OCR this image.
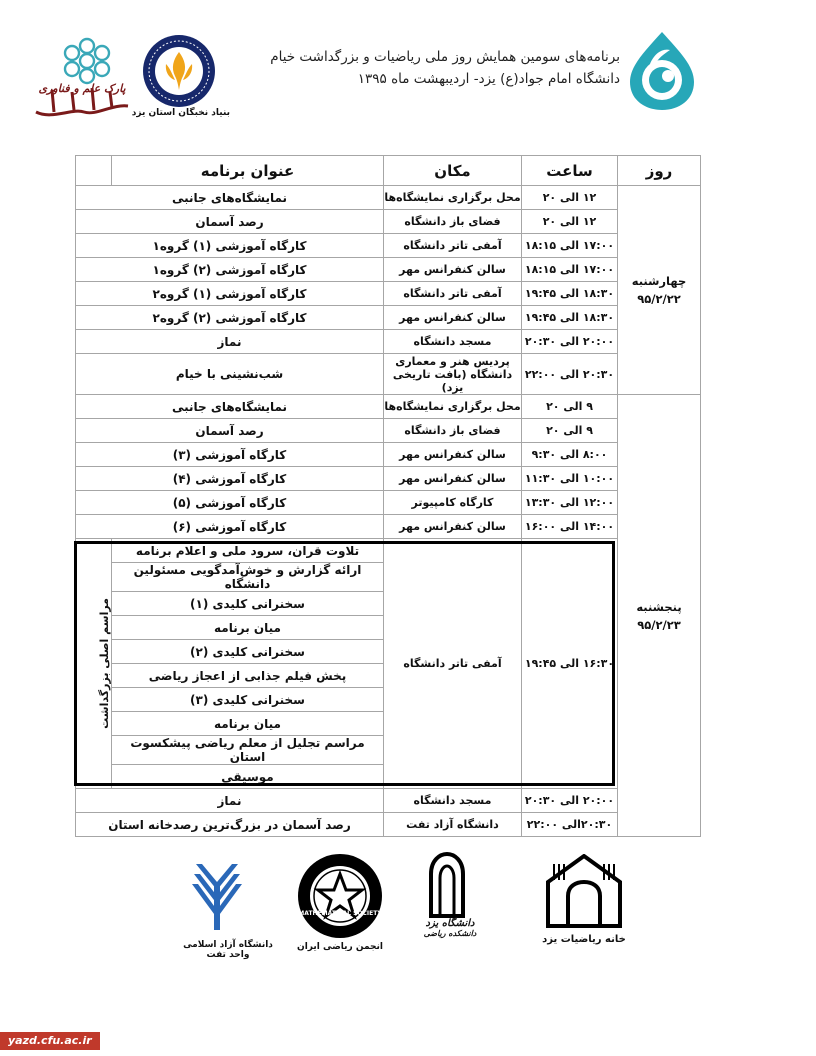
برنامه‌های سومین همایش روز ملی ریاضیات و بزرگداشت خیام
دانشگاه امام جواد(ع) یزد- اردیبهشت ماه ۱۳۹۵
بنیاد نخبگان استان یزد
پارک علم و فناوری
روز	ساعت	مکان	عنوان برنامه	

چهارشنبه
۹۵/۲/۲۲	۱۲ الی ۲۰	محل برگزاری نمایشگاه‌ها	نمایشگاه‌های جانبی	
	۱۲ الی ۲۰	فضای باز دانشگاه	رصد آسمان	
	۱۷:۰۰ الی ۱۸:۱۵	آمفی تاتر دانشگاه	کارگاه آموزشی (۱) گروه۱	
	۱۷:۰۰ الی ۱۸:۱۵	سالن کنفرانس مهر	کارگاه آموزشی (۲) گروه۱	
	۱۸:۳۰ الی ۱۹:۴۵	آمفی تاتر دانشگاه	کارگاه آموزشی (۱) گروه۲	
	۱۸:۳۰ الی ۱۹:۴۵	سالن کنفرانس مهر	کارگاه آموزشی (۲) گروه۲	
	۲۰:۰۰ الی ۲۰:۳۰	مسجد دانشگاه	نماز	
	۲۰:۳۰ الی ۲۲:۰۰	پردیس هنر و معماری دانشگاه (بافت تاریخی یزد)	شب‌نشینی با خیام	

پنجشنبه
۹۵/۲/۲۳	۹ الی ۲۰	محل برگزاری نمایشگاه‌ها	نمایشگاه‌های جانبی	
	۹ الی ۲۰	فضای باز دانشگاه	رصد آسمان	
	۸:۰۰ الی ۹:۳۰	سالن کنفرانس مهر	کارگاه آموزشی (۳)	
	۱۰:۰۰ الی ۱۱:۳۰	سالن کنفرانس مهر	کارگاه آموزشی (۴)	
	۱۲:۰۰ الی ۱۳:۳۰	کارگاه کامپیوتر	کارگاه آموزشی (۵)	
	۱۴:۰۰ الی ۱۶:۰۰	سالن کنفرانس مهر	کارگاه آموزشی (۶)	
	۱۶:۳۰ الی ۱۹:۴۵	آمفی تاتر دانشگاه	تلاوت قران، سرود ملی و اعلام برنامه	مراسم اصلی بزرگداشت

			ارائه گزارش و خوش‌آمدگویی مسئولین دانشگاه	
			سخنرانی کلیدی (۱)	
			میان برنامه	
			سخنرانی کلیدی (۲)	
			پخش فیلم جذابی از اعجاز ریاضی	
			سخنرانی کلیدی (۳)	
			میان برنامه	
			مراسم تجلیل از معلم ریاضی پیشکسوت استان	
			موسیقی	
	۲۰:۰۰ الی ۲۰:۳۰	مسجد دانشگاه	نماز	
	۲۰:۳۰الی ۲۲:۰۰	دانشگاه آزاد تفت	رصد آسمان در بزرگ‌ترین رصدخانه استان	
دانشگاه آزاد اسلامی
واحد تفت
MATHEMATICAL SOCIETY
انجمن ریاضی ایران
دانشگاه یزد
دانشکده ریاضی
خانه ریاضیات یزد
yazd.cfu.ac.ir
